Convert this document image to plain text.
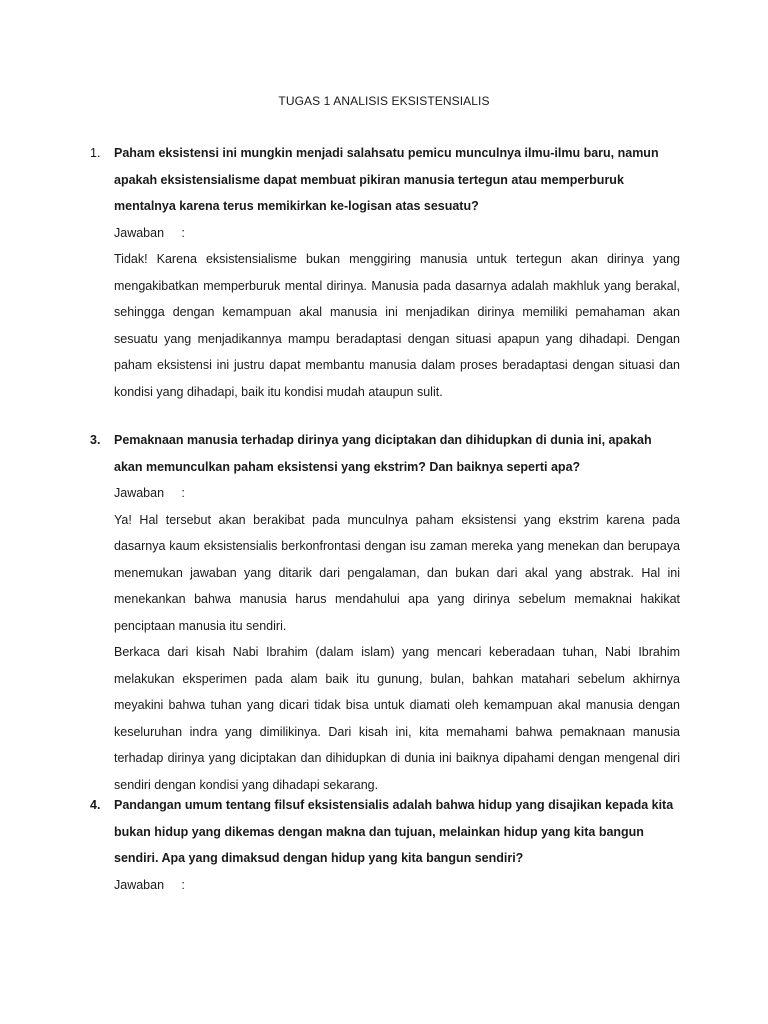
TUGAS 1 ANALISIS EKSISTENSIALIS
1. Paham eksistensi ini mungkin menjadi salahsatu pemicu munculnya ilmu-ilmu baru, namun apakah eksistensialisme dapat membuat pikiran manusia tertegun atau memperburuk mentalnya karena terus memikirkan ke-logisan atas sesuatu?
Jawaban     :

Tidak! Karena eksistensialisme bukan menggiring manusia untuk tertegun akan dirinya yang mengakibatkan memperburuk mental dirinya. Manusia pada dasarnya adalah makhluk yang berakal, sehingga dengan kemampuan akal manusia ini menjadikan dirinya memiliki pemahaman akan sesuatu yang menjadikannya mampu beradaptasi dengan situasi apapun yang dihadapi. Dengan paham eksistensi ini justru dapat membantu manusia dalam proses beradaptasi dengan situasi dan kondisi yang dihadapi, baik itu kondisi mudah ataupun sulit.

3. Pemaknaan manusia terhadap dirinya yang diciptakan dan dihidupkan di dunia ini, apakah akan memunculkan paham eksistensi yang ekstrim? Dan baiknya seperti apa?
Jawaban     :

Ya! Hal tersebut akan berakibat pada munculnya paham eksistensi yang ekstrim karena pada dasarnya kaum eksistensialis berkonfrontasi dengan isu zaman mereka yang menekan dan berupaya menemukan jawaban yang ditarik dari pengalaman, dan bukan dari akal yang abstrak. Hal ini menekankan bahwa manusia harus mendahului apa yang dirinya sebelum memaknai hakikat penciptaan manusia itu sendiri.

Berkaca dari kisah Nabi Ibrahim (dalam islam) yang mencari keberadaan tuhan, Nabi Ibrahim melakukan eksperimen pada alam baik itu gunung, bulan, bahkan matahari sebelum akhirnya meyakini bahwa tuhan yang dicari tidak bisa untuk diamati oleh kemampuan akal manusia dengan keseluruhan indra yang dimilikinya. Dari kisah ini, kita memahami bahwa pemaknaan manusia terhadap dirinya yang diciptakan dan dihidupkan di dunia ini baiknya dipahami dengan mengenal diri sendiri dengan kondisi yang dihadapi sekarang.

4. Pandangan umum tentang filsuf eksistensialis adalah bahwa hidup yang disajikan kepada kita bukan hidup yang dikemas dengan makna dan tujuan, melainkan hidup yang kita bangun sendiri. Apa yang dimaksud dengan hidup yang kita bangun sendiri?
Jawaban     :
